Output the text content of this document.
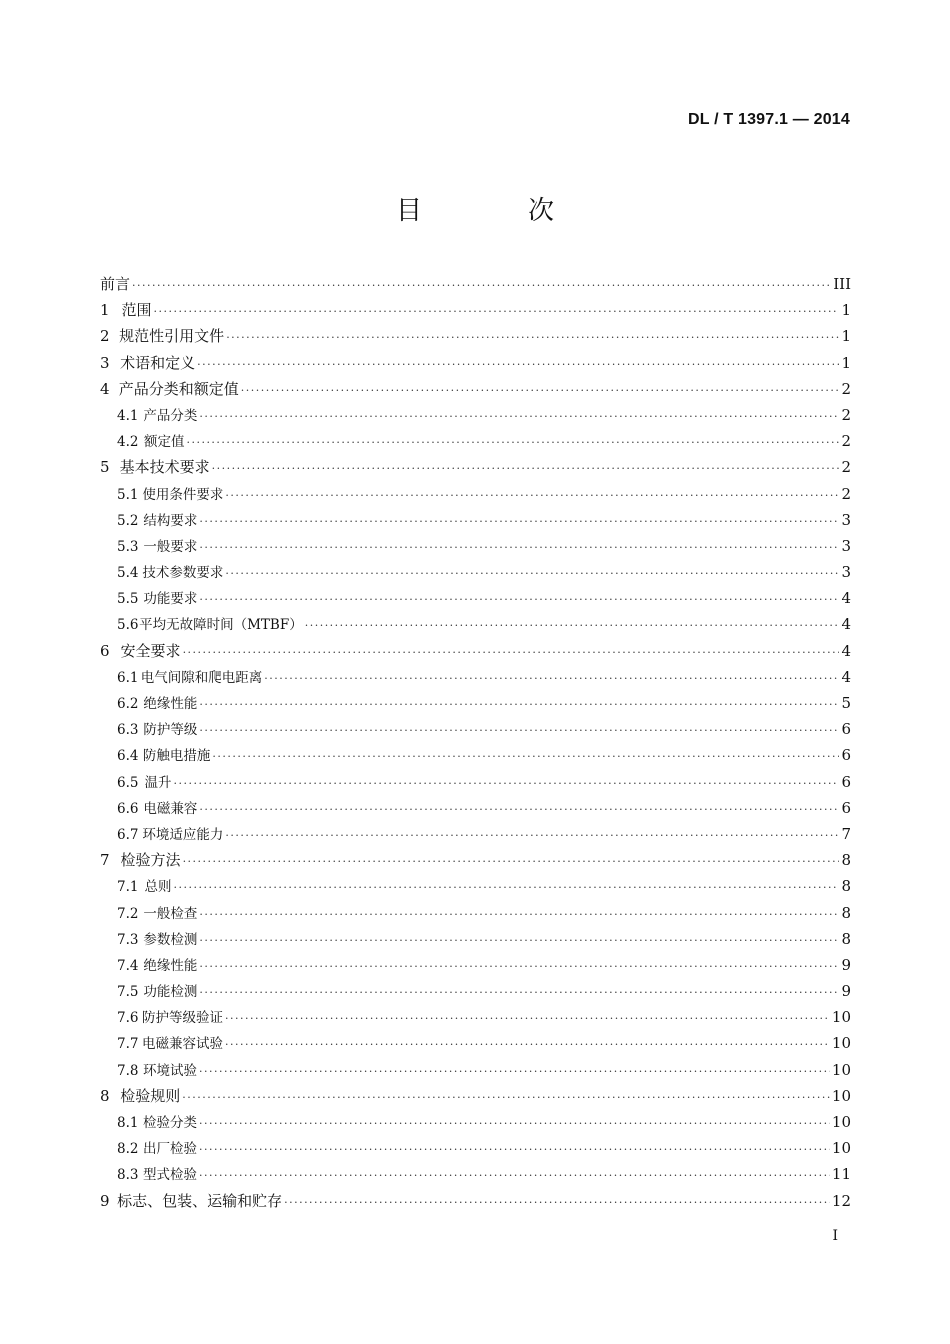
DL / T 1397.1 — 2014
目　次
前言 ·····	III
1 范围 ·····	1
2 规范性引用文件 ·····	1
3 术语和定义 ·····	1
4 产品分类和额定值 ·····	2
4.1 产品分类 ·····	2
4.2 额定值 ·····	2
5 基本技术要求 ·····	2
5.1 使用条件要求 ·····	2
5.2 结构要求 ·····	3
5.3 一般要求 ·····	3
5.4 技术参数要求 ·····	3
5.5 功能要求 ·····	4
5.6 平均无故障时间（MTBF） ·····	4
6 安全要求 ·····	4
6.1 电气间隙和爬电距离 ·····	4
6.2 绝缘性能 ·····	5
6.3 防护等级 ·····	6
6.4 防触电措施 ·····	6
6.5 温升 ·····	6
6.6 电磁兼容 ·····	6
6.7 环境适应能力 ·····	7
7 检验方法 ·····	8
7.1 总则 ·····	8
7.2 一般检查 ·····	8
7.3 参数检测 ·····	8
7.4 绝缘性能 ·····	9
7.5 功能检测 ·····	9
7.6 防护等级验证 ·····	10
7.7 电磁兼容试验 ·····	10
7.8 环境试验 ·····	10
8 检验规则 ·····	10
8.1 检验分类 ·····	10
8.2 出厂检验 ·····	10
8.3 型式检验 ·····	11
9 标志、包装、运输和贮存 ·····	12
I
